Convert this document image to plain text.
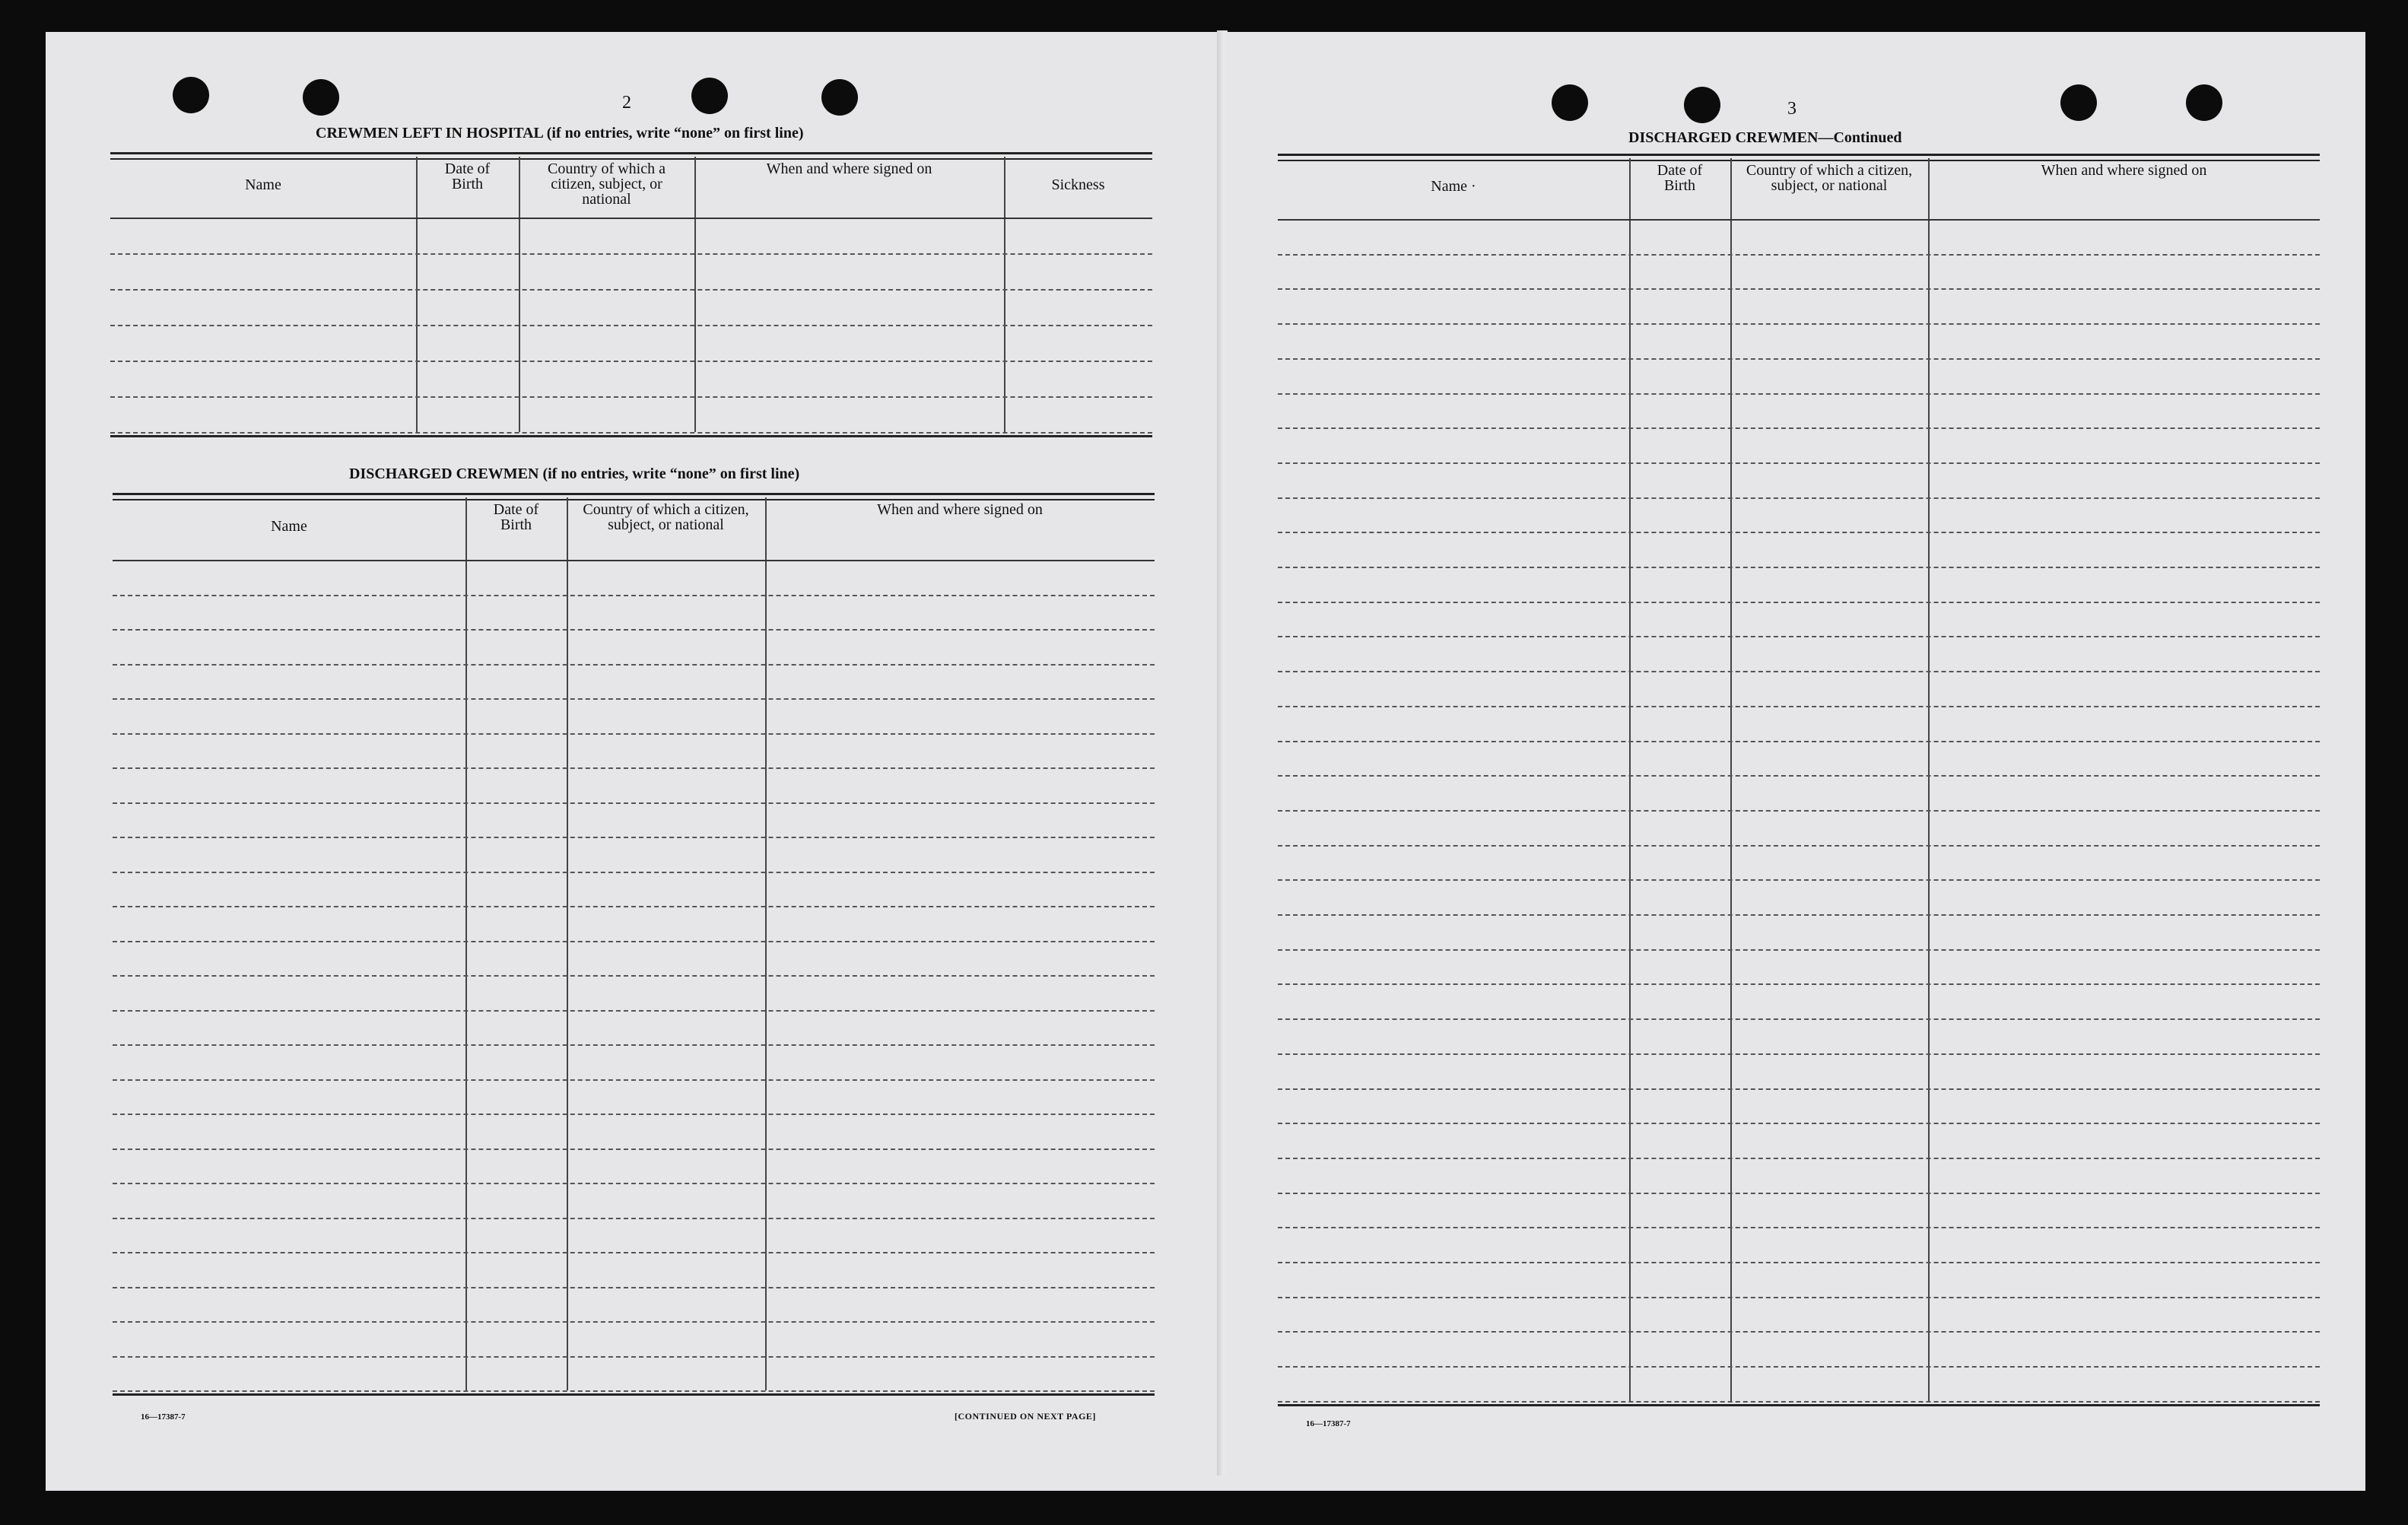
2
CREWMEN LEFT IN HOSPITAL (if no entries, write “none” on first line)
Name
Date of Birth
Country of which a citizen, subject, or national
When and where signed on
Sickness
DISCHARGED CREWMEN (if no entries, write “none” on first line)
Name
Date of Birth
Country of which a citizen, subject, or national
When and where signed on
16—17387-7	[CONTINUED ON NEXT PAGE]
3
DISCHARGED CREWMEN—Continued
Name ·
Date of Birth
Country of which a citizen, subject, or national
When and where signed on
16—17387-7
